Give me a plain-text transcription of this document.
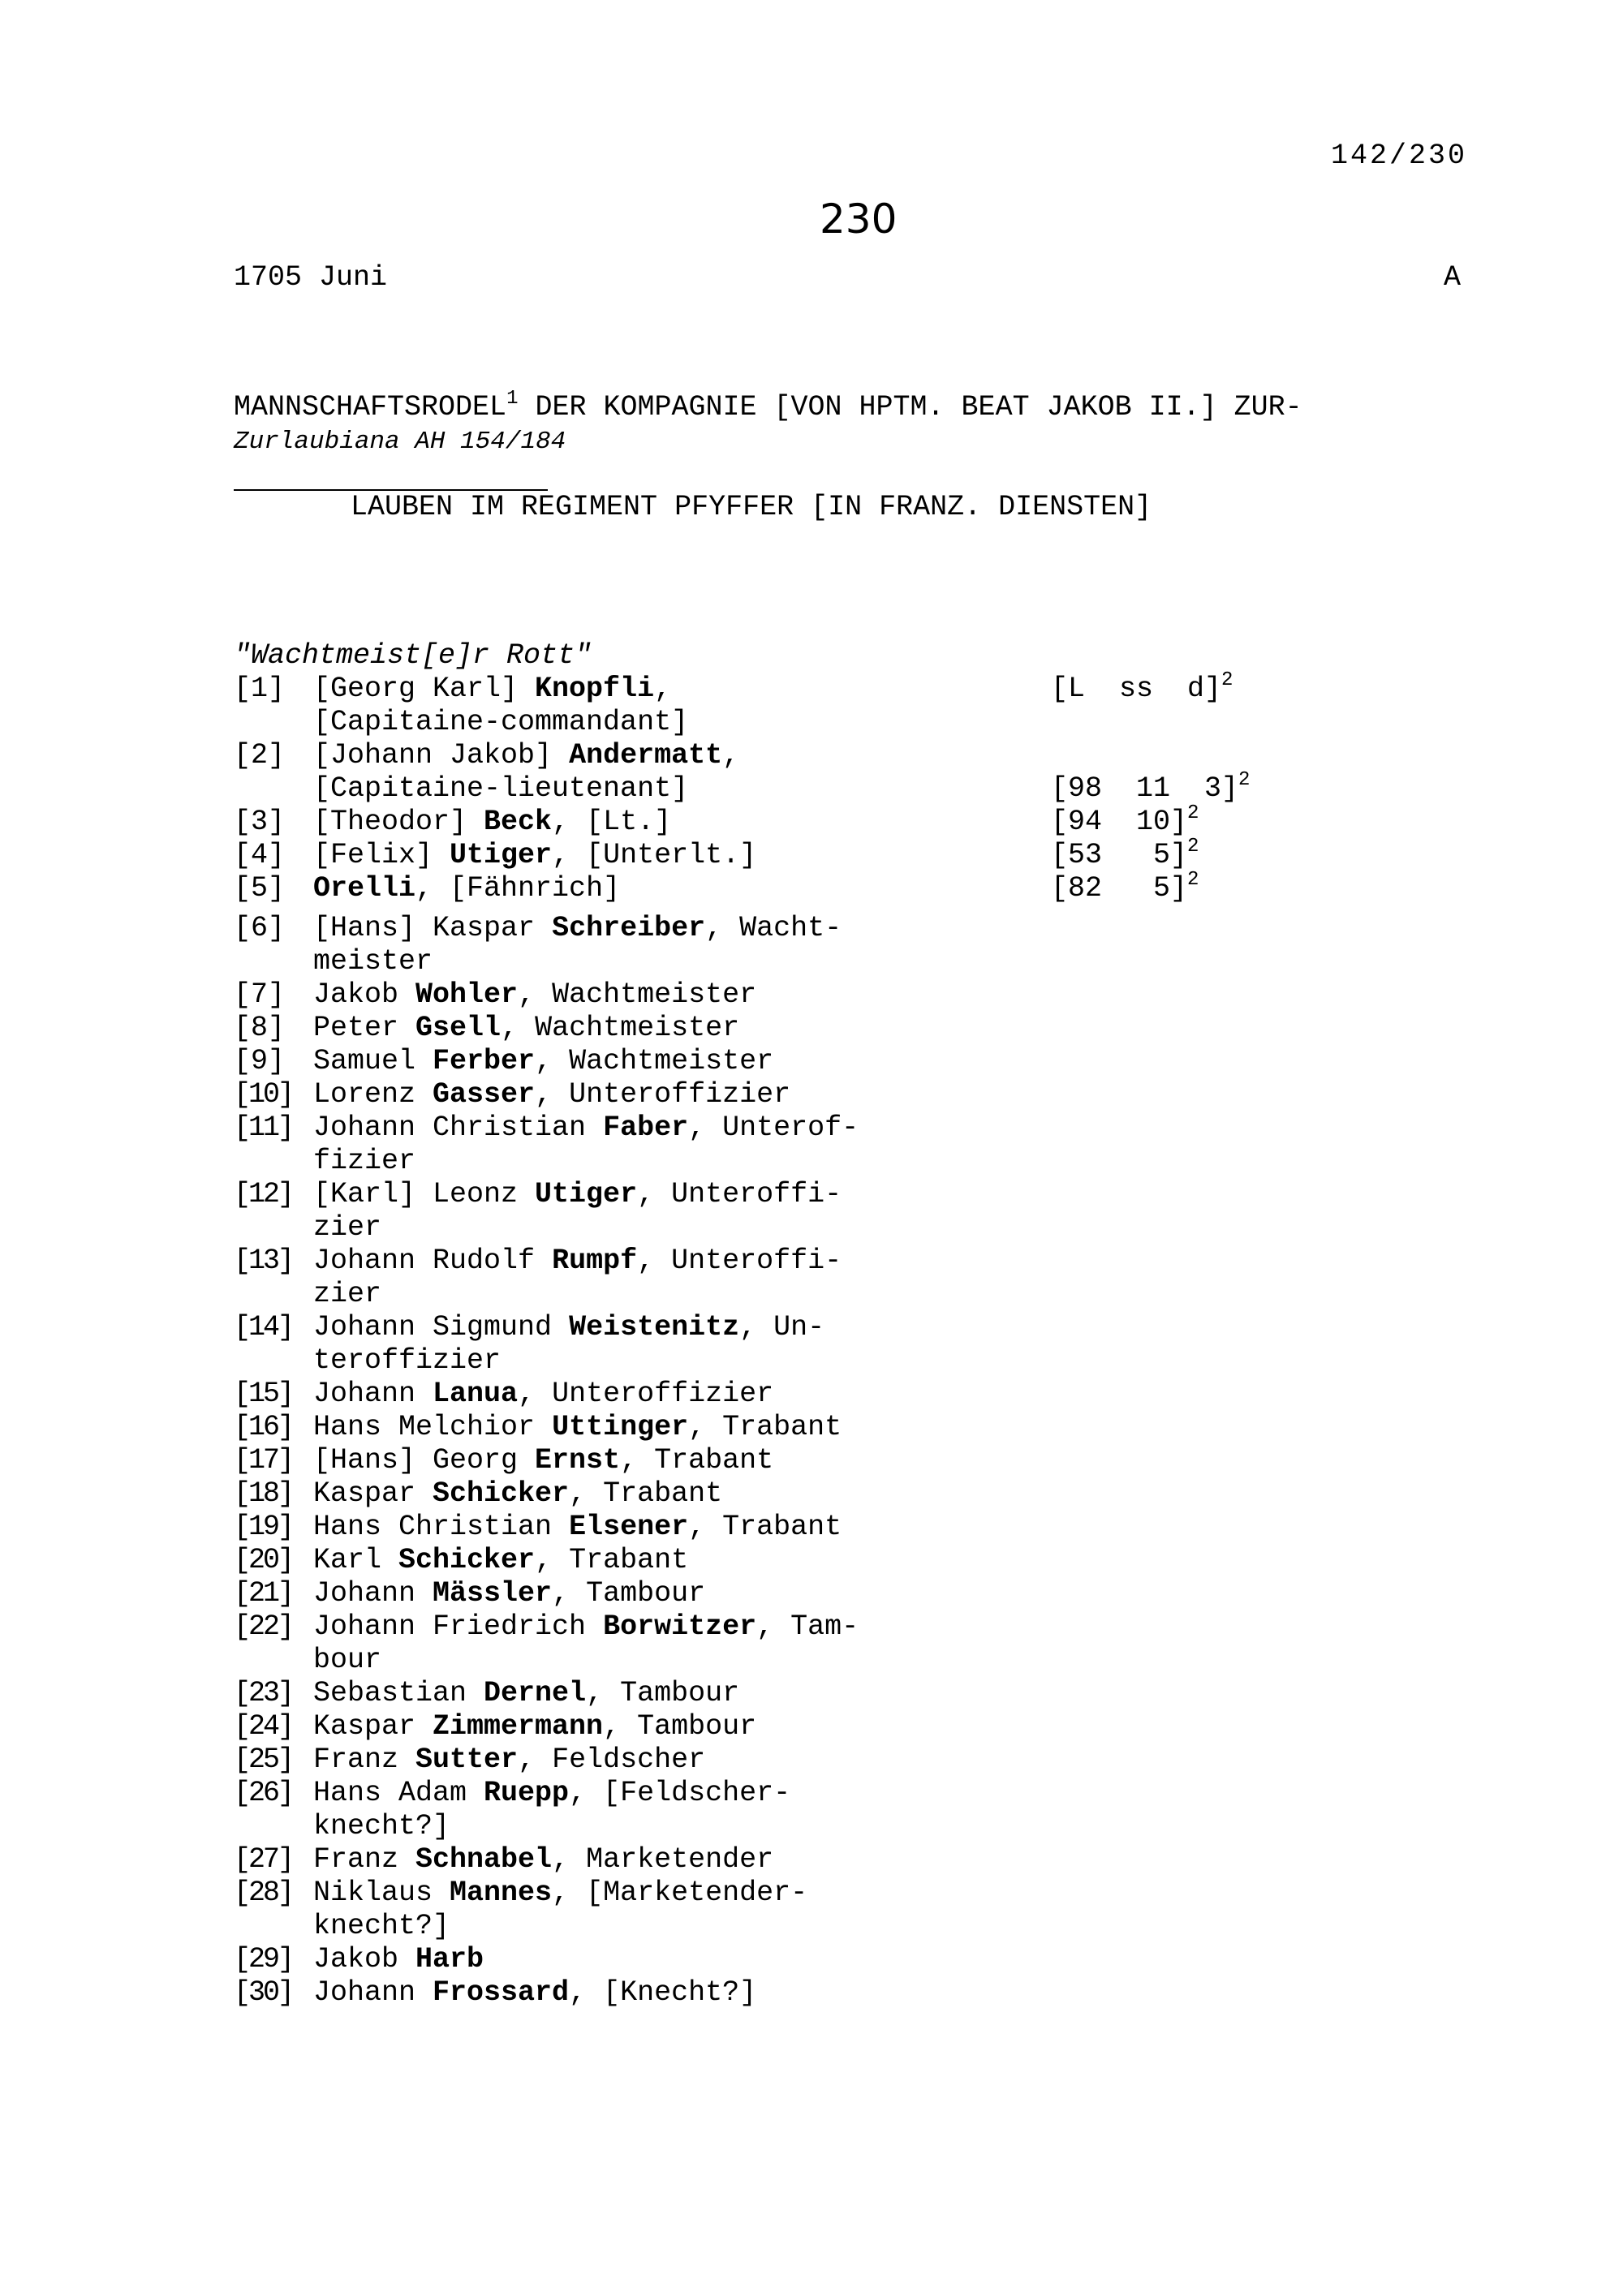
142/230
230
1705 Juni	A

MANNSCHAFTSRODEL$^1$ DER KOMPAGNIE [VON HPTM. BEAT JAKOB II.] ZUR-

LAUBEN IM REGIMENT PFYFFER [IN FRANZ. DIENSTEN]

Zurlaubiana AH 154/184

"Wachtmeist[e]r Rott"

[L  ss  d]$^2$

[1] [Georg Karl] Knopfli,
[Capitaine-commandant]
[2] [Johann Jakob] Andermatt,
[Capitaine-lieutenant]	[98  11  3]$^2$
[3] [Theodor] Beck, [Lt.]	[94  10]$^2$
[4] [Felix] Utiger, [Unterlt.]	[53   5]$^2$
[5] Orelli, [Fähnrich]	[82   5]$^2$
[6] [Hans] Kaspar Schreiber, Wacht-
meister
[7] Jakob Wohler, Wachtmeister
[8] Peter Gsell, Wachtmeister
[9] Samuel Ferber, Wachtmeister
[10] Lorenz Gasser, Unteroffizier
[11] Johann Christian Faber, Unterof-
fizier
[12] [Karl] Leonz Utiger, Unteroffi-
zier
[13] Johann Rudolf Rumpf, Unteroffi-
zier
[14] Johann Sigmund Weistenitz, Un-
teroffizier
[15] Johann Lanua, Unteroffizier
[16] Hans Melchior Uttinger, Trabant
[17] [Hans] Georg Ernst, Trabant
[18] Kaspar Schicker, Trabant
[19] Hans Christian Elsener, Trabant
[20] Karl Schicker, Trabant
[21] Johann Mässler, Tambour
[22] Johann Friedrich Borwitzer, Tam-
bour
[23] Sebastian Dernel, Tambour
[24] Kaspar Zimmermann, Tambour
[25] Franz Sutter, Feldscher
[26] Hans Adam Ruepp, [Feldscher-
knecht?]
[27] Franz Schnabel, Marketender
[28] Niklaus Mannes, [Marketender-
knecht?]
[29] Jakob Harb
[30] Johann Frossard, [Knecht?]
